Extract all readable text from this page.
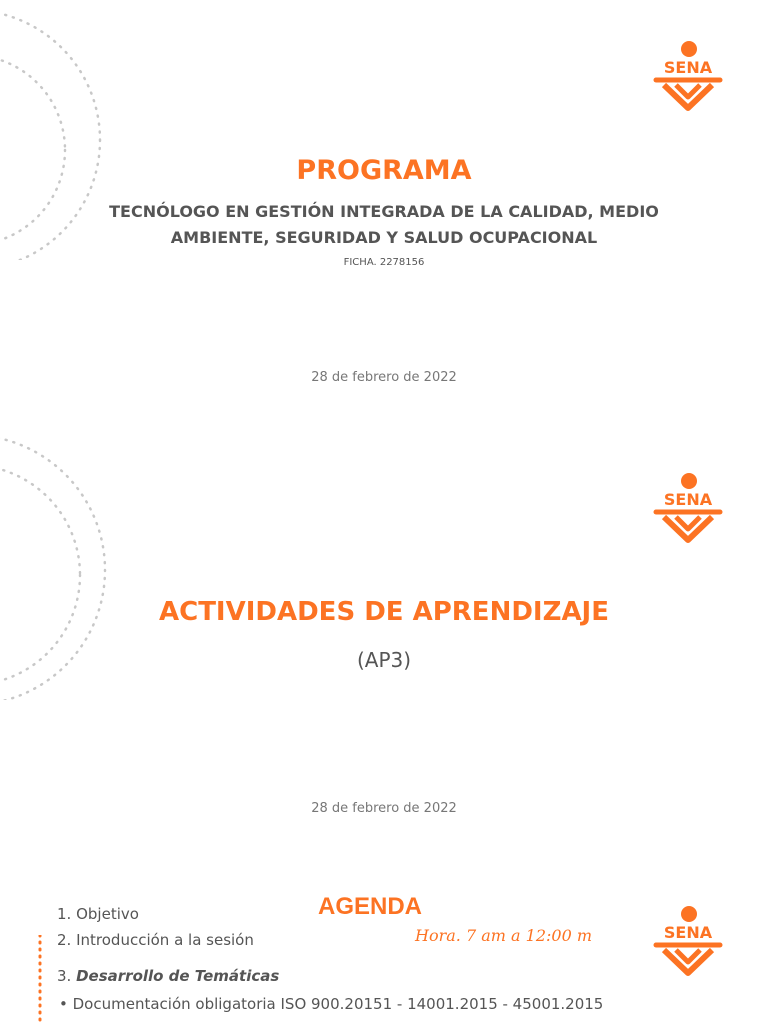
SENA
PROGRAMA
TECNÓLOGO EN GESTIÓN INTEGRADA DE LA CALIDAD, MEDIO
AMBIENTE, SEGURIDAD Y SALUD OCUPACIONAL
FICHA. 2278156
28 de febrero de 2022
SENA
ACTIVIDADES DE APRENDIZAJE
(AP3)
28 de febrero de 2022
AGENDA
Hora. 7 am a 12:00 m
1. Objetivo
2. Introducción a la sesión
3. Desarrollo de Temáticas
• Documentación obligatoria ISO 900.20151 - 14001.2015 - 45001.2015
SENA
